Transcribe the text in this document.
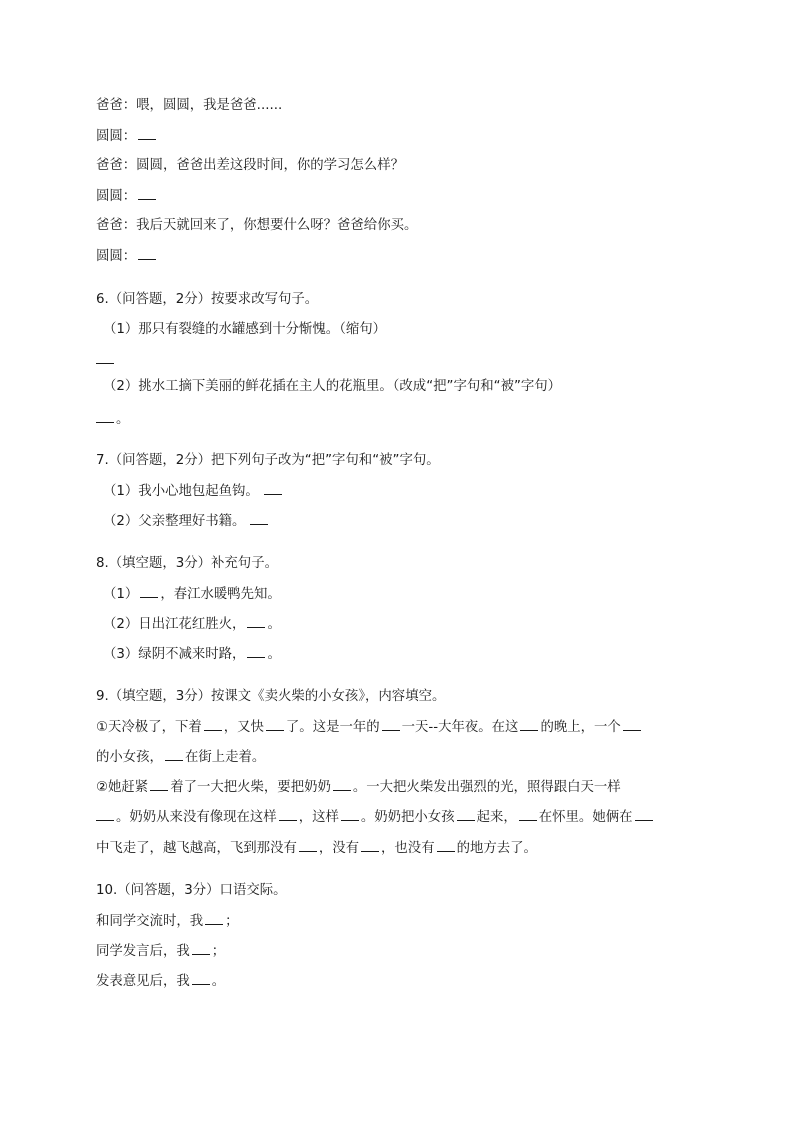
爸爸：喂，圆圆，我是爸爸......
圆圆：
爸爸：圆圆，爸爸出差这段时间，你的学习怎么样？
圆圆：
爸爸：我后天就回来了，你想要什么呀？爸爸给你买。
圆圆：
6.（问答题，2分）按要求改写句子。
（1）那只有裂缝的水罐感到十分惭愧。（缩句）
（2）挑水工摘下美丽的鲜花插在主人的花瓶里。（改成“把”字句和“被”字句）
。
7.（问答题，2分）把下列句子改为“把”字句和“被”字句。
（1）我小心地包起鱼钩。
（2）父亲整理好书籍。
8.（填空题，3分）补充句子。
（1） ，春江水暖鸭先知。
（2）日出江花红胜火， 。
（3）绿阴不减来时路， 。
9.（填空题，3分）按课文《卖火柴的小女孩》，内容填空。
①天冷极了，下着 ，又快 了。这是一年的 一天--大年夜。在这 的晚上，一个
的小女孩， 在街上走着。
②她赶紧 着了一大把火柴，要把奶奶 。一大把火柴发出强烈的光，照得跟白天一样
。奶奶从来没有像现在这样 ，这样 。奶奶把小女孩 起来， 在怀里。她俩在
中飞走了，越飞越高，飞到那没有 ，没有 ，也没有 的地方去了。
10.（问答题，3分）口语交际。
和同学交流时，我 ；
同学发言后，我 ；
发表意见后，我 。
